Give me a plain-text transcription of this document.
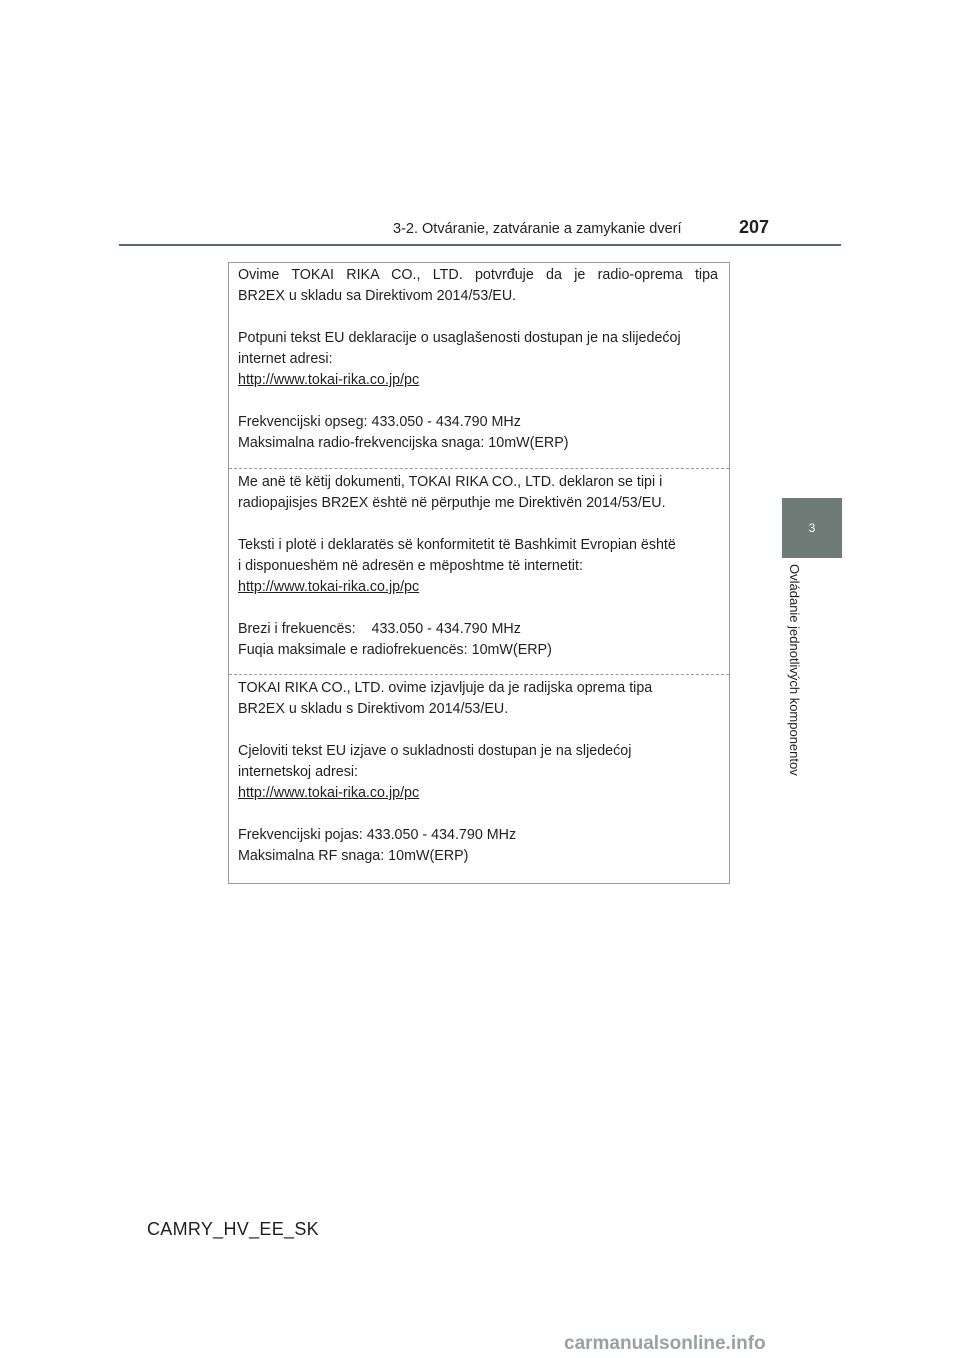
3-2. Otváranie, zatváranie a zamykanie dverí	207
3
Ovládanie jednotlivých komponentov

Ovime TOKAI RIKA CO., LTD. potvrđuje da je radio-oprema tipa

BR2EX u skladu sa Direktivom 2014/53/EU.

Potpuni tekst EU deklaracije o usaglašenosti dostupan je na slijedećoj

internet adresi:

http://www.tokai-rika.co.jp/pc

Frekvencijski opseg: 433.050 - 434.790 MHz

Maksimalna radio-frekvencijska snaga: 10mW(ERP)

Me anë të këtij dokumenti, TOKAI RIKA CO., LTD. deklaron se tipi i

radiopajisjes BR2EX është në përputhje me Direktivën 2014/53/EU.

Teksti i plotë i deklaratës së konformitetit të Bashkimit Evropian është

i disponueshëm në adresën e mëposhtme të internetit:

http://www.tokai-rika.co.jp/pc

Brezi i frekuencës:    433.050 - 434.790 MHz

Fuqia maksimale e radiofrekuencës: 10mW(ERP)

TOKAI RIKA CO., LTD. ovime izjavljuje da je radijska oprema tipa

BR2EX u skladu s Direktivom 2014/53/EU.

Cjeloviti tekst EU izjave o sukladnosti dostupan je na sljedećoj

internetskoj adresi:

http://www.tokai-rika.co.jp/pc

Frekvencijski pojas: 433.050 - 434.790 MHz

Maksimalna RF snaga: 10mW(ERP)

CAMRY_HV_EE_SK
carmanualsonline.info
